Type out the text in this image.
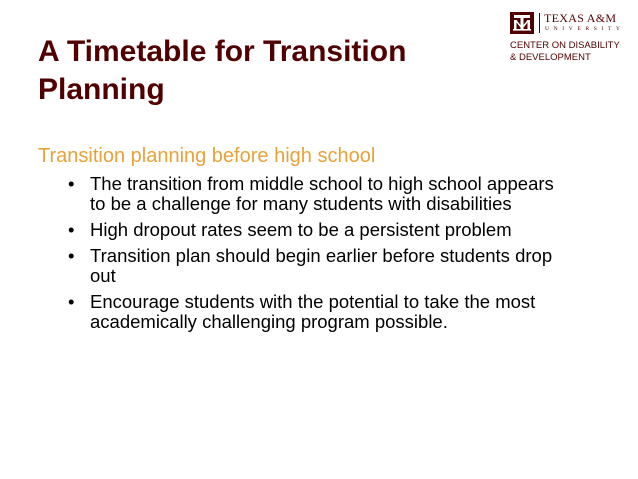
A Timetable for Transition Planning
TEXAS A&M
UNIVERSITY
CENTER ON DISABILITY
& DEVELOPMENT
Transition planning before high school
• The transition from middle school to high school appears to be a challenge for many students with disabilities
• High dropout rates seem to be a persistent problem
• Transition plan should begin earlier before students drop out
• Encourage students with the potential to take the most academically challenging program possible.
